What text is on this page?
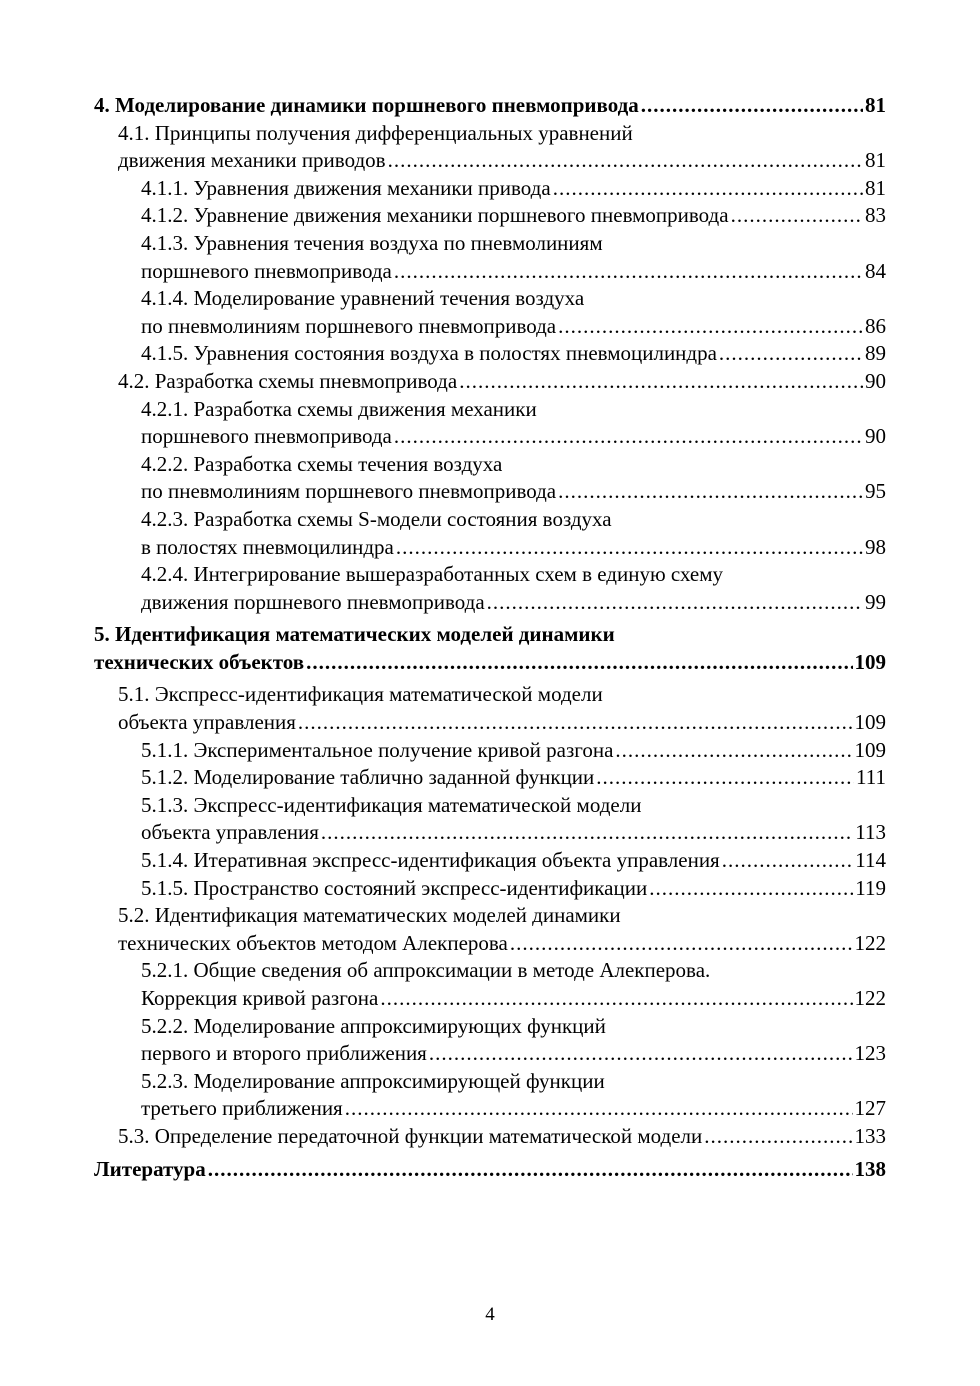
4. Моделирование динамики поршневого пневмопривода .....	81
4.1. Принципы получения дифференциальных уравнений
движения механики приводов .....	81
4.1.1. Уравнения движения механики привода .....	81
4.1.2. Уравнение движения механики поршневого пневмопривода .....	83
4.1.3. Уравнения течения воздуха по пневмолиниям
поршневого пневмопривода .....	84
4.1.4. Моделирование уравнений течения воздуха
по пневмолиниям поршневого пневмопривода .....	86
4.1.5. Уравнения состояния воздуха в полостях пневмоцилиндра .....	89
4.2. Разработка схемы пневмопривода .....	90
4.2.1. Разработка схемы движения механики
поршневого пневмопривода .....	90
4.2.2. Разработка схемы течения воздуха
по пневмолиниям поршневого пневмопривода .....	95
4.2.3. Разработка схемы S-модели состояния воздуха
в полостях пневмоцилиндра .....	98
4.2.4. Интегрирование вышеразработанных схем в единую схему
движения поршневого пневмопривода .....	99
5. Идентификация математических моделей динамики
технических объектов .....	109
5.1. Экспресс-идентификация математической модели
объекта управления .....	109
5.1.1. Экспериментальное получение кривой разгона .....	109
5.1.2. Моделирование таблично заданной функции .....	111
5.1.3. Экспресс-идентификация математической модели
объекта управления .....	113
5.1.4. Итеративная экспресс-идентификация объекта управления .....	114
5.1.5. Пространство состояний экспресс-идентификации .....	119
5.2. Идентификация математических моделей динамики
технических объектов методом Алекперова .....	122
5.2.1. Общие сведения об аппроксимации в методе Алекперова.
Коррекция кривой разгона .....	122
5.2.2. Моделирование аппроксимирующих функций
первого и второго приближения .....	123
5.2.3. Моделирование аппроксимирующей функции
третьего приближения .....	127
5.3. Определение передаточной функции математической модели .....	133
Литература .....	138
4
